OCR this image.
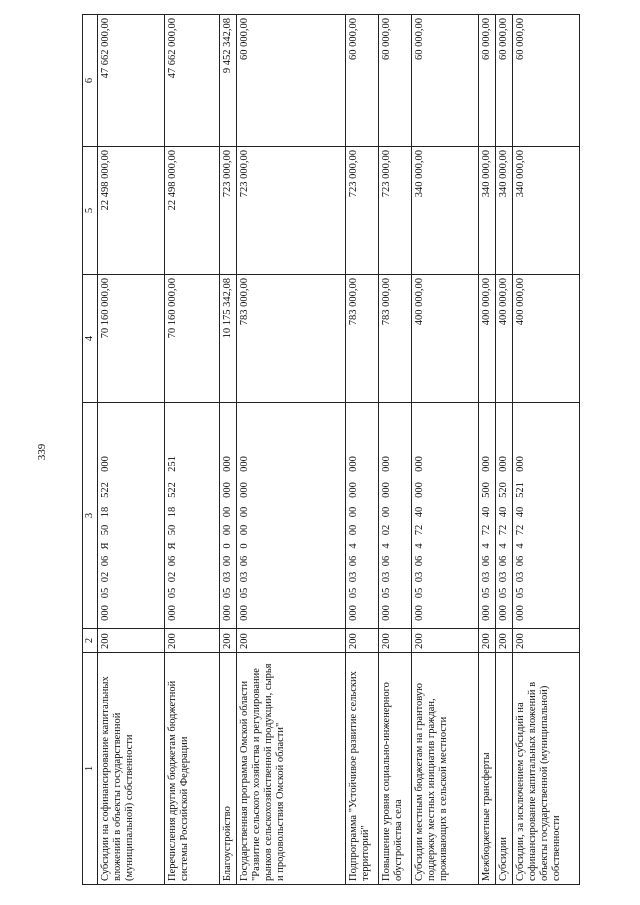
339
1	2	3	4	5	6
Субсидии на софинансирование капитальных вложений в объекты государственной (муниципальной) собственности	200	000050206Я5018522000	70 160 000,00	22 498 000,00	47 662 000,00
Перечисления другим бюджетам бюджетной системы Российской Федерации	200	000050206Я5018522251	70 160 000,00	22 498 000,00	47 662 000,00
Благоустройство	200	00005030000000000000	10 175 342,08	723 000,00	9 452 342,08
Государственная программа Омской области "Развитие сельского хозяйства и регулирование рынков сельскохозяйственной продукции, сырья и продовольствия Омской области"	200	00005030600000000000	783 000,00	723 000,00	60 000,00
Подпрограмма "Устойчивое развитие сельских территорий"	200	00005030640000000000	783 000,00	723 000,00	60 000,00
Повышение уровня социально-инженерного обустройства села	200	00005030640200000000	783 000,00	723 000,00	60 000,00
Субсидии местным бюджетам на грантовую поддержку местных инициатив граждан, проживающих в сельской местности	200	00005030647240000000	400 000,00	340 000,00	60 000,00
Межбюджетные трансферты	200	00005030647240500000	400 000,00	340 000,00	60 000,00
Субсидии	200	00005030647240520000	400 000,00	340 000,00	60 000,00
Субсидии, за исключением субсидий на софинансирование капитальных вложений в объекты государственной (муниципальной) собственности	200	00005030647240521000	400 000,00	340 000,00	60 000,00
